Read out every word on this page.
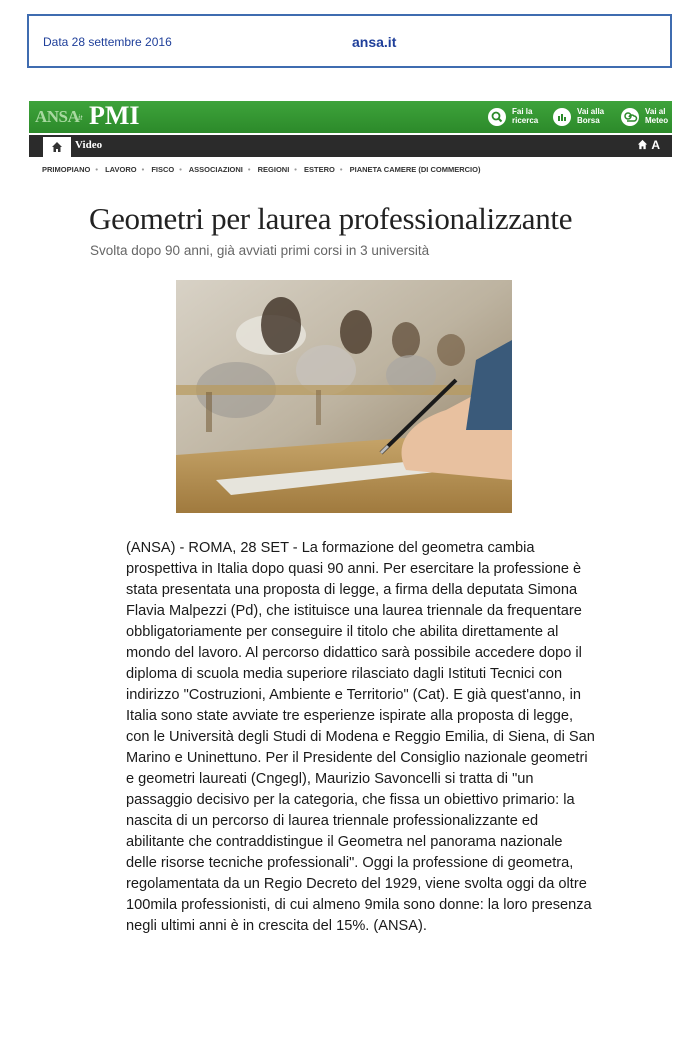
Data 28 settembre 2016	ansa.it
ANSA
it PMI	Fai la ricerca
Vai alla Borsa
Vai al Meteo
Video	A
PRIMOPIANO • LAVORO • FISCO • ASSOCIAZIONI • REGIONI • ESTERO • PIANETA CAMERE (DI COMMERCIO)
Geometri per laurea professionalizzante
Svolta dopo 90 anni, già avviati primi corsi in 3 università

(ANSA) - ROMA, 28 SET - La formazione del geometra cambia prospettiva in Italia dopo quasi 90 anni. Per esercitare la professione è stata presentata una proposta di legge, a firma della deputata Simona Flavia Malpezzi (Pd), che istituisce una laurea triennale da frequentare obbligatoriamente per conseguire il titolo che abilita direttamente al mondo del lavoro. Al percorso didattico sarà possibile accedere dopo il diploma di scuola media superiore rilasciato dagli Istituti Tecnici con indirizzo "Costruzioni, Ambiente e Territorio" (Cat). E già quest'anno, in Italia sono state avviate tre esperienze ispirate alla proposta di legge, con le Università degli Studi di Modena e Reggio Emilia, di Siena, di San Marino e Uninettuno. Per il Presidente del Consiglio nazionale geometri e geometri laureati (Cngegl), Maurizio Savoncelli si tratta di "un passaggio decisivo per la categoria, che fissa un obiettivo primario: la nascita di un percorso di laurea triennale professionalizzante ed abilitante che contraddistingue il Geometra nel panorama nazionale delle risorse tecniche professionali". Oggi la professione di geometra, regolamentata da un Regio Decreto del 1929, viene svolta oggi da oltre 100mila professionisti, di cui almeno 9mila sono donne: la loro presenza negli ultimi anni è in crescita del 15%. (ANSA).
